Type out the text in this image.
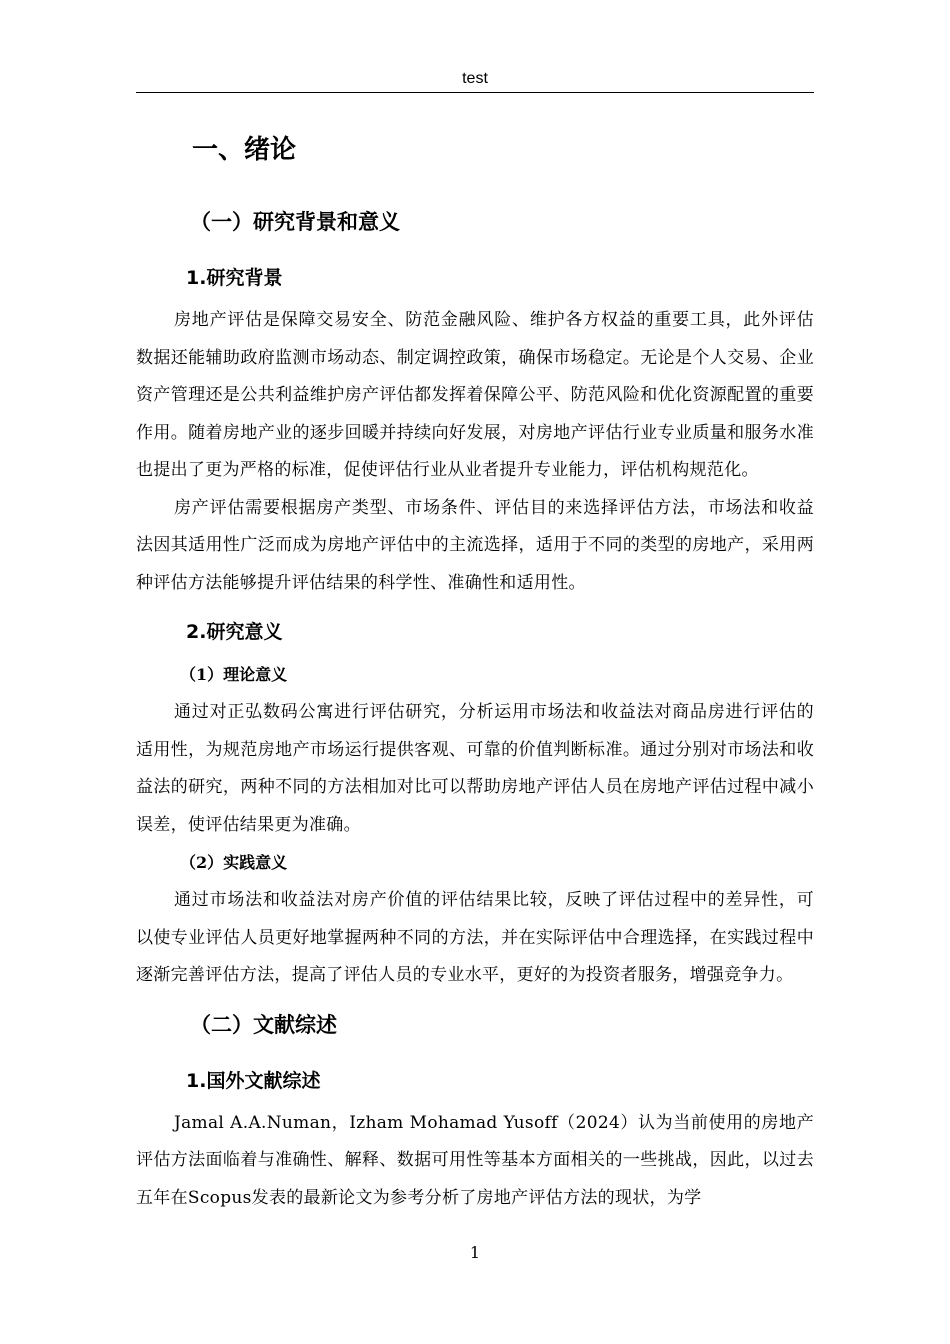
test
一、绪论
（一）研究背景和意义
1.研究背景

房地产评估是保障交易安全、防范金融风险、维护各方权益的重要工具，此外评估数据还能辅助政府监测市场动态、制定调控政策，确保市场稳定。无论是个人交易、企业资产管理还是公共利益维护房产评估都发挥着保障公平、防范风险和优化资源配置的重要作用。随着房地产业的逐步回暖并持续向好发展，对房地产评估行业专业质量和服务水准也提出了更为严格的标准，促使评估行业从业者提升专业能力，评估机构规范化。

房产评估需要根据房产类型、市场条件、评估目的来选择评估方法，市场法和收益法因其适用性广泛而成为房地产评估中的主流选择，适用于不同的类型的房地产，采用两种评估方法能够提升评估结果的科学性、准确性和适用性。

2.研究意义
（1）理论意义

通过对正弘数码公寓进行评估研究，分析运用市场法和收益法对商品房进行评估的适用性，为规范房地产市场运行提供客观、可靠的价值判断标准。通过分别对市场法和收益法的研究，两种不同的方法相加对比可以帮助房地产评估人员在房地产评估过程中减小误差，使评估结果更为准确。

（2）实践意义

通过市场法和收益法对房产价值的评估结果比较，反映了评估过程中的差异性，可以使专业评估人员更好地掌握两种不同的方法，并在实际评估中合理选择，在实践过程中逐渐完善评估方法，提高了评估人员的专业水平，更好的为投资者服务，增强竞争力。

（二）文献综述
1.国外文献综述

Jamal A.A.Numan，Izham Mohamad Yusoff（2024）认为当前使用的房地产评估方法面临着与准确性、解释、数据可用性等基本方面相关的一些挑战，因此，以过去五年在Scopus发表的最新论文为参考分析了房地产评估方法的现状，为学

1
